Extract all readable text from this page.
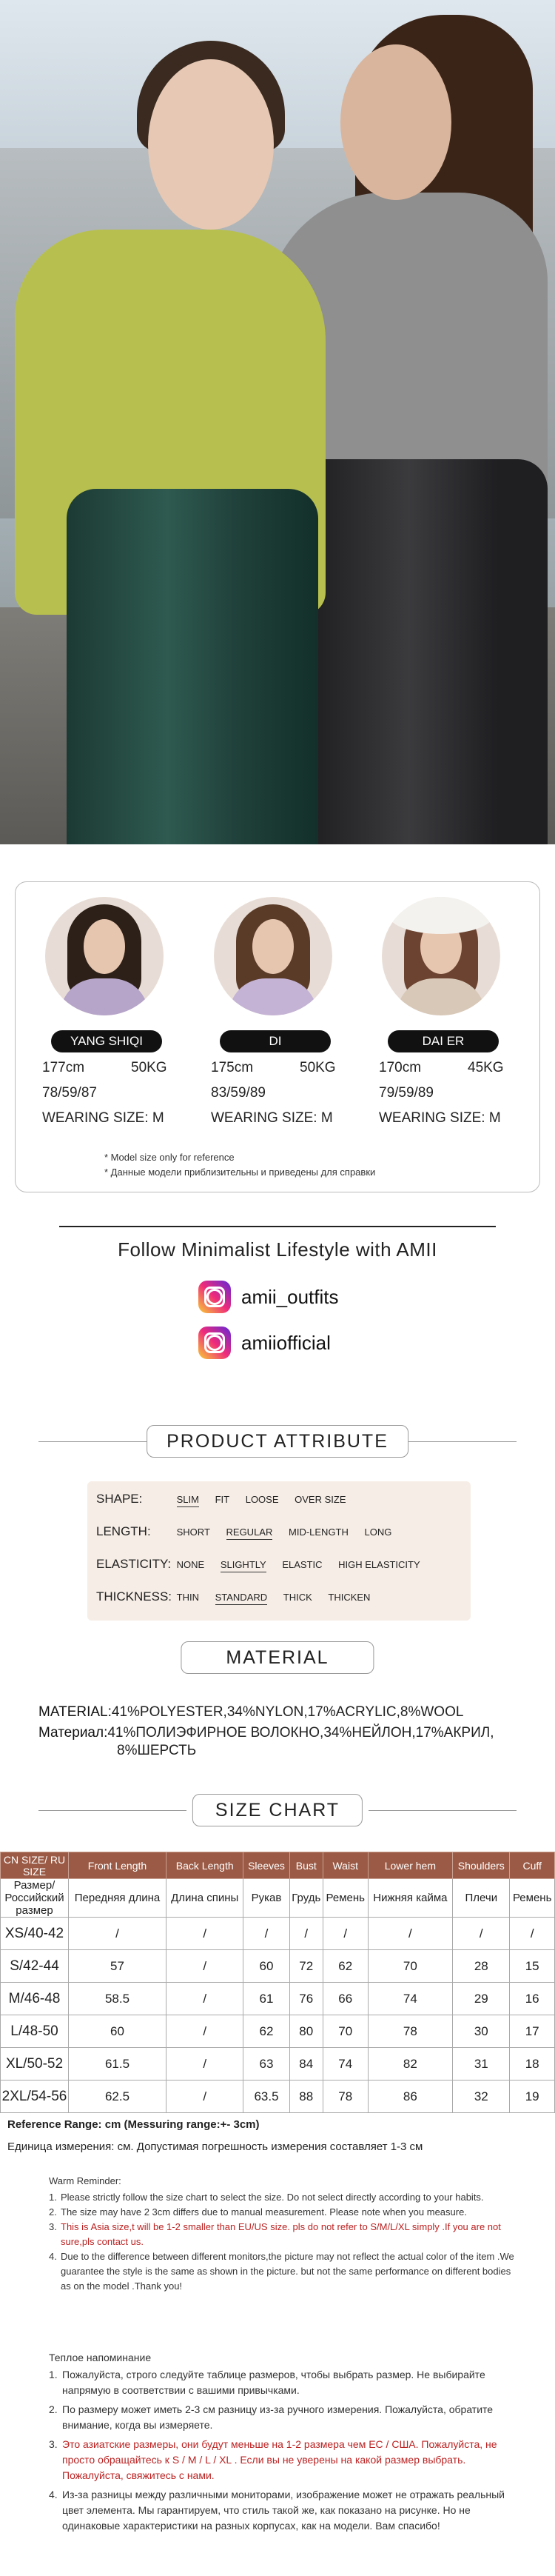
YANG SHIQI
177cm	50KG
78/59/87
WEARING SIZE: M
DI
175cm	50KG
83/59/89
WEARING SIZE: M
DAI ER
170cm	45KG
79/59/89
WEARING SIZE: M
* Model size only for reference
* Данные модели приблизительны и приведены для справки
Follow Minimalist Lifestyle with AMII
amii_outfits
amiiofficial
PRODUCT ATTRIBUTE
SHAPE:	SLIM FIT LOOSE OVER SIZE
LENGTH:	SHORT REGULAR MID-LENGTH LONG
ELASTICITY: NONE SLIGHTLY ELASTIC HIGH ELASTICITY
THICKNESS: THIN STANDARD THICK THICKEN
MATERIAL
MATERIAL:41%POLYESTER,34%NYLON,17%ACRYLIC,8%WOOL
Материал:41%ПОЛИЭФИРНОЕ ВОЛОКНО,34%НЕЙЛОН,17%АКРИЛ,
8%ШЕРСТЬ
SIZE CHART
CN SIZE/ RU SIZE	Front Length	Back Length	Sleeves	Bust	Waist	Lower hem	Shoulders	Cuff
Размер/ Российский размер	Передняя длина	Длина спины	Рукав	Грудь	Ремень	Нижняя кайма	Плечи	Ремень
XS/40-42	/	/	/	/	/	/	/	/
S/42-44	57	/	60	72	62	70	28	15
M/46-48	58.5	/	61	76	66	74	29	16
L/48-50	60	/	62	80	70	78	30	17
XL/50-52	61.5	/	63	84	74	82	31	18
2XL/54-56	62.5	/	63.5	88	78	86	32	19
Reference Range: cm (Messuring range:+- 3cm)
Единица измерения: см. Допустимая погрешность измерения составляет 1-3 см
Warm Reminder:
1. Please strictly follow the size chart to select the size. Do not select directly according to your habits.
2. The size may have 2 3cm differs due to manual measurement. Please note when you measure.
3. This is Asia size,t will be 1-2 smaller than EU/US size. pls do not refer to S/M/L/XL simply .If you are not sure,pls contact us.
4. Due to the difference between different monitors,the picture may not reflect the actual color of the item .We guarantee the style is the same as shown in the picture. but not the same performance on different bodies as on the model .Thank you!
Теплое напоминание
1. Пожалуйста, строго следуйте таблице размеров, чтобы выбрать размер. Не выбирайте напрямую в соответствии с вашими привычками.
2. По размеру может иметь 2-3 см разницу из-за ручного измерения. Пожалуйста, обратите внимание, когда вы измеряете.
3. Это азиатские размеры, они будут меньше на 1-2 размера чем ЕС / США. Пожалуйста, не просто обращайтесь к S / M / L / XL . Если вы не уверены на какой размер выбрать. Пожалуйста, свяжитесь с нами.
4. Из-за разницы между различными мониторами, изображение может не отражать реальный цвет элемента. Мы гарантируем, что стиль такой же, как показано на рисунке. Но не одинаковые характеристики на разных корпусах, как на модели. Вам спасибо!
